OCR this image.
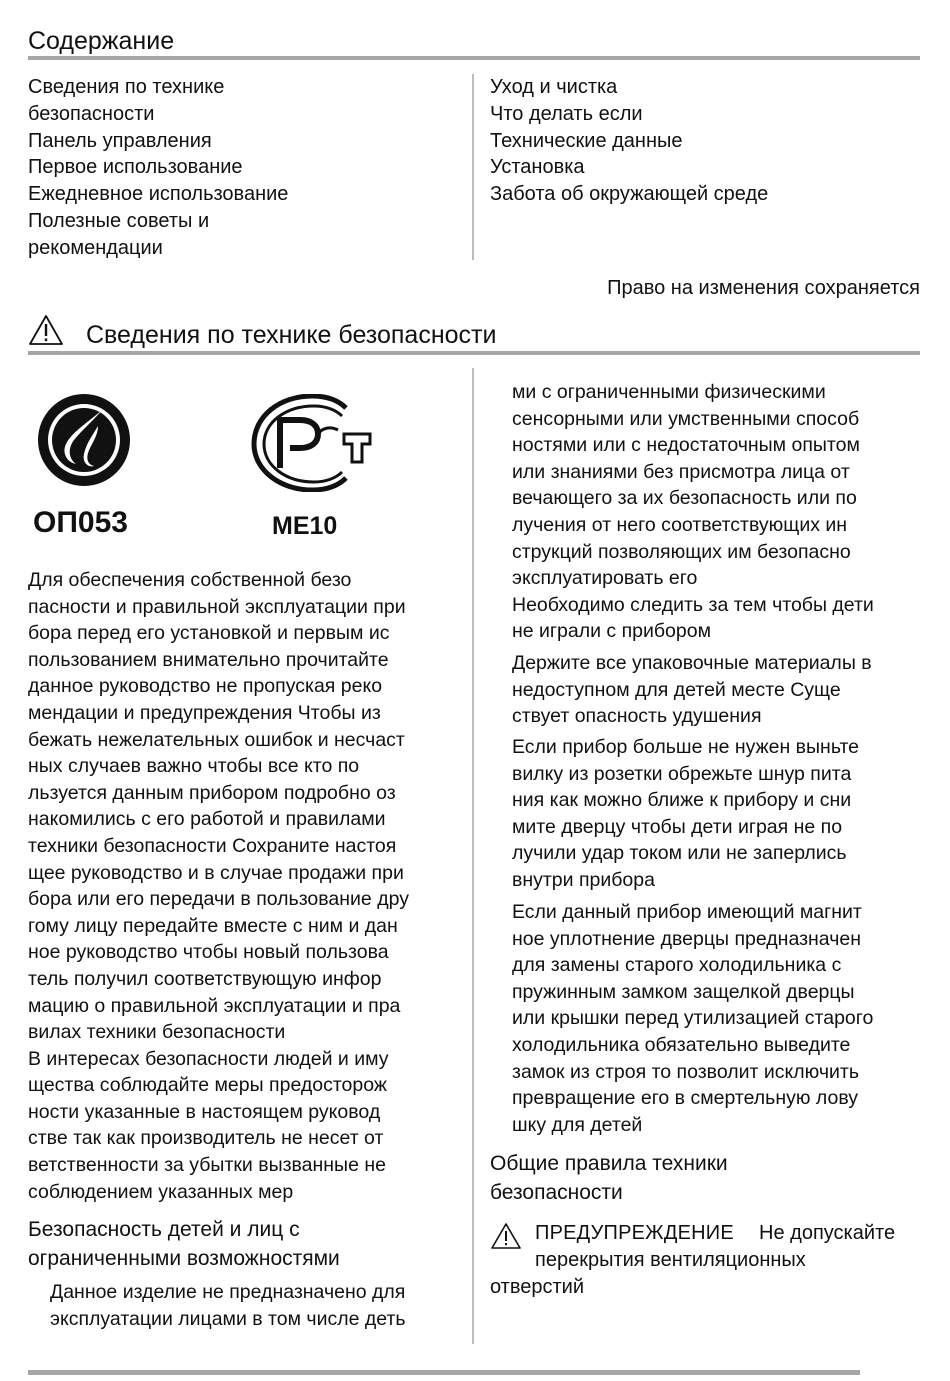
Содержание

Сведения по технике

безопасности

Панель управления

Первое использование

Ежедневное использование

Полезные советы и

рекомендации

Уход и чистка

Что делать если

Технические данные

Установка

Забота об окружающей среде

Право на изменения сохраняется
Сведения по технике безопасности
ОП053	МЕ10

Для обеспечения собственной безо

пасности и правильной эксплуатации при

бора перед его установкой и первым ис

пользованием внимательно прочитайте

данное руководство не пропуская реко

мендации и предупреждения Чтобы из

бежать нежелательных ошибок и несчаст

ных случаев важно чтобы все кто по

льзуется данным прибором подробно оз

накомились с его работой и правилами

техники безопасности Сохраните настоя

щее руководство и в случае продажи при

бора или его передачи в пользование дру

гому лицу передайте вместе с ним и дан

ное руководство чтобы новый пользова

тель получил соответствующую инфор

мацию о правильной эксплуатации и пра

вилах техники безопасности

В интересах безопасности людей и иму

щества соблюдайте меры предосторож

ности указанные в настоящем руковод

стве так как производитель не несет от

ветственности за убытки вызванные не

соблюдением указанных мер

Безопасность детей и лиц с

ограниченными возможностями

Данное изделие не предназначено для

эксплуатации лицами в том числе деть

ми с ограниченными физическими

сенсорными или умственными способ

ностями или с недостаточным опытом

или знаниями без присмотра лица от

вечающего за их безопасность или по

лучения от него соответствующих ин

струкций позволяющих им безопасно

эксплуатировать его

Необходимо следить за тем чтобы дети

не играли с прибором

Держите все упаковочные материалы в

недоступном для детей месте Суще

ствует опасность удушения

Если прибор больше не нужен выньте

вилку из розетки обрежьте шнур пита

ния как можно ближе к прибору и сни

мите дверцу чтобы дети играя не по

лучили удар током или не заперлись

внутри прибора

Если данный прибор имеющий магнит

ное уплотнение дверцы предназначен

для замены старого холодильника с

пружинным замком защелкой дверцы

или крышки перед утилизацией старого

холодильника обязательно выведите

замок из строя то позволит исключить

превращение его в смертельную лову

шку для детей

Общие правила техники

безопасности

ПРЕДУПРЕЖДЕНИЕ Не допускайте
перекрытия вентиляционных
отверстий
